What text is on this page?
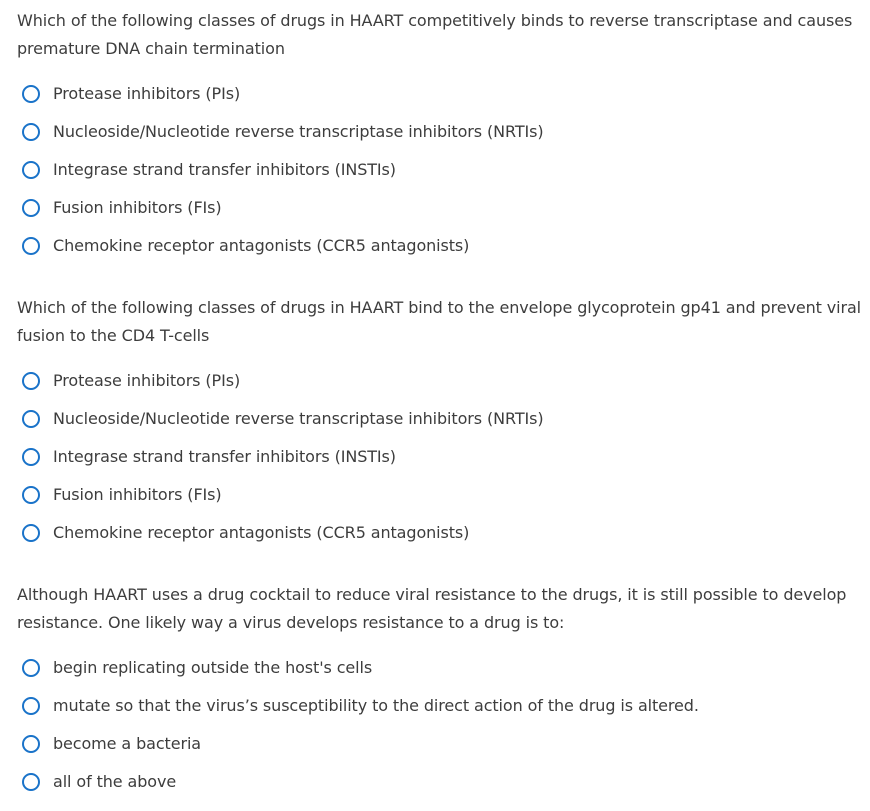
Which of the following classes of drugs in HAART competitively binds to reverse transcriptase and causes premature DNA chain termination

Protease inhibitors (PIs)
Nucleoside/Nucleotide reverse transcriptase inhibitors (NRTIs)
Integrase strand transfer inhibitors (INSTIs)
Fusion inhibitors (FIs)
Chemokine receptor antagonists (CCR5 antagonists)

Which of the following classes of drugs in HAART bind to the envelope glycoprotein gp41 and prevent viral fusion to the CD4 T-cells

Protease inhibitors (PIs)
Nucleoside/Nucleotide reverse transcriptase inhibitors (NRTIs)
Integrase strand transfer inhibitors (INSTIs)
Fusion inhibitors (FIs)
Chemokine receptor antagonists (CCR5 antagonists)

Although HAART uses a drug cocktail to reduce viral resistance to the drugs, it is still possible to develop resistance. One likely way a virus develops resistance to a drug is to:

begin replicating outside the host's cells
mutate so that the virus’s susceptibility to the direct action of the drug is altered.
become a bacteria
all of the above
